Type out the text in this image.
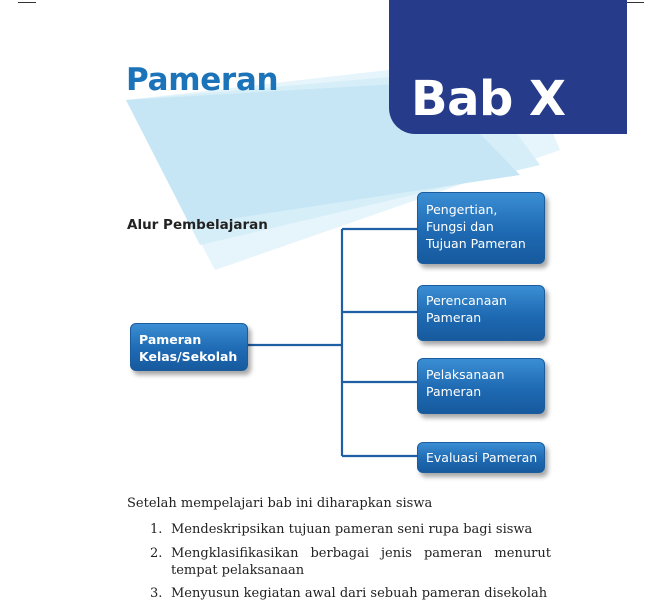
Pameran	Bab X
Alur Pembelajaran
Pameran
Kelas/Sekolah
Pengertian,
Fungsi dan
Tujuan Pameran
Perencanaan
Pameran
Pelaksanaan
Pameran
Evaluasi Pameran

Setelah mempelajari bab ini diharapkan siswa

1. Mendeskripsikan tujuan pameran seni rupa bagi siswa
2. Mengklasifikasikan berbagai jenis pameran menurut tempat pelaksanaan
3. Menyusun kegiatan awal dari sebuah pameran disekolah
